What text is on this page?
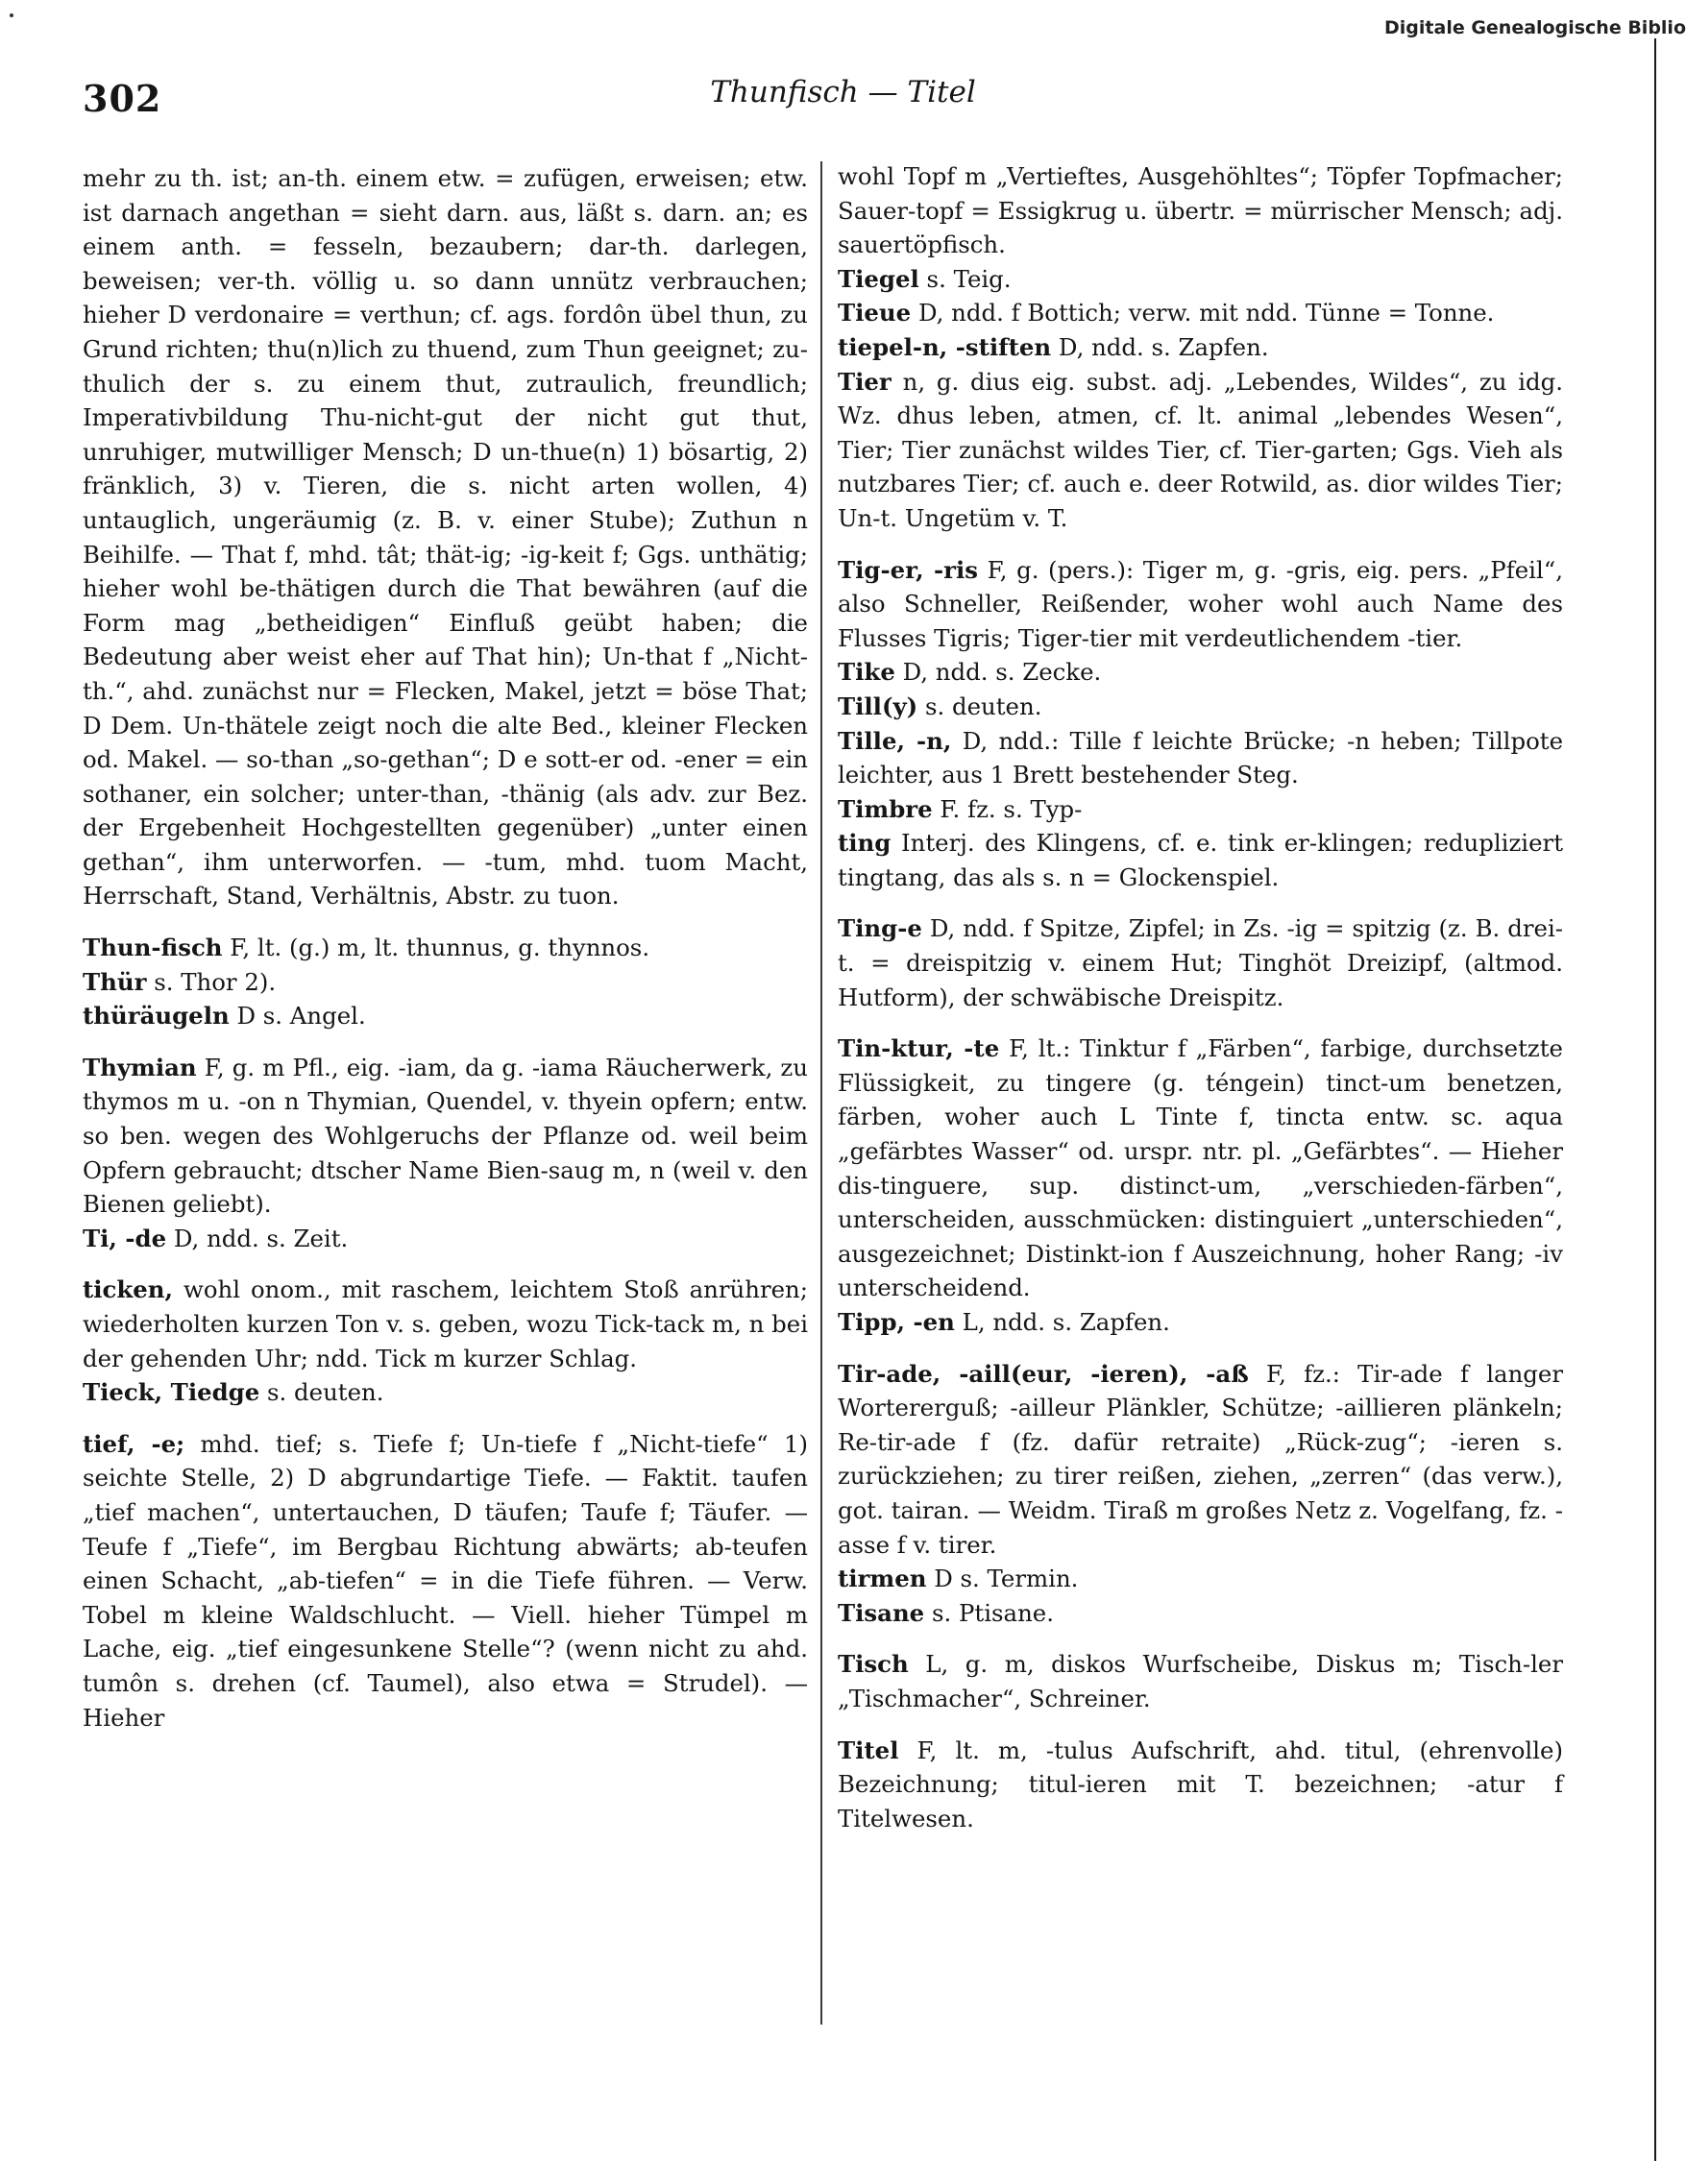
Digitale Genealogische Biblio
302	Thunfisch — Titel

mehr zu th. ist; an-th. einem etw. = zufügen, erweisen; etw. ist darnach angethan = sieht darn. aus, läßt s. darn. an; es einem anth. = fesseln, bezaubern; dar-th. darlegen, beweisen; ver-th. völlig u. so dann unnütz verbrauchen; hieher D verdonaire = verthun; cf. ags. fordôn übel thun, zu Grund richten; thu(n)lich zu thuend, zum Thun geeignet; zu-thulich der s. zu einem thut, zutraulich, freundlich; Imperativbildung Thu-nicht-gut der nicht gut thut, unruhiger, mutwilliger Mensch; D un-thue(n) 1) bösartig, 2) fränklich, 3) v. Tieren, die s. nicht arten wollen, 4) untauglich, ungeräumig (z. B. v. einer Stube); Zuthun n Beihilfe. — That f, mhd. tât; thät-ig; -ig-keit f; Ggs. unthätig; hieher wohl be-thätigen durch die That bewähren (auf die Form mag „betheidigen“ Einfluß geübt haben; die Bedeutung aber weist eher auf That hin); Un-that f „Nicht-th.“, ahd. zunächst nur = Flecken, Makel, jetzt = böse That; D Dem. Un-thätele zeigt noch die alte Bed., kleiner Flecken od. Makel. — so-than „so-gethan“; D e sott-er od. -ener = ein sothaner, ein solcher; unter-than, -thänig (als adv. zur Bez. der Ergebenheit Hochgestellten gegenüber) „unter einen gethan“, ihm unterworfen. — -tum, mhd. tuom Macht, Herrschaft, Stand, Verhältnis, Abstr. zu tuon.

Thun-fisch F, lt. (g.) m, lt. thunnus, g. thynnos.

Thür s. Thor 2).

thüräugeln D s. Angel.

Thymian F, g. m Pfl., eig. -iam, da g. -iama Räucherwerk, zu thymos m u. -on n Thymian, Quendel, v. thyein opfern; entw. so ben. wegen des Wohlgeruchs der Pflanze od. weil beim Opfern gebraucht; dtscher Name Bien-saug m, n (weil v. den Bienen geliebt).

Ti, -de D, ndd. s. Zeit.

ticken, wohl onom., mit raschem, leichtem Stoß anrühren; wiederholten kurzen Ton v. s. geben, wozu Tick-tack m, n bei der gehenden Uhr; ndd. Tick m kurzer Schlag.

Tieck, Tiedge s. deuten.

tief, -e; mhd. tief; s. Tiefe f; Un-tiefe f „Nicht-tiefe“ 1) seichte Stelle, 2) D abgrundartige Tiefe. — Faktit. taufen „tief machen“, untertauchen, D täufen; Taufe f; Täufer. — Teufe f „Tiefe“, im Bergbau Richtung abwärts; ab-teufen einen Schacht, „ab-tiefen“ = in die Tiefe führen. — Verw. Tobel m kleine Waldschlucht. — Viell. hieher Tümpel m Lache, eig. „tief eingesunkene Stelle“? (wenn nicht zu ahd. tumôn s. drehen (cf. Taumel), also etwa = Strudel). — Hieher

wohl Topf m „Vertieftes, Ausgehöhltes“; Töpfer Topfmacher; Sauer-topf = Essigkrug u. übertr. = mürrischer Mensch; adj. sauertöpfisch.

Tiegel s. Teig.

Tieue D, ndd. f Bottich; verw. mit ndd. Tünne = Tonne.

tiepel-n, -stiften D, ndd. s. Zapfen.

Tier n, g. dius eig. subst. adj. „Lebendes, Wildes“, zu idg. Wz. dhus leben, atmen, cf. lt. animal „lebendes Wesen“, Tier; Tier zunächst wildes Tier, cf. Tier-garten; Ggs. Vieh als nutzbares Tier; cf. auch e. deer Rotwild, as. dior wildes Tier; Un-t. Ungetüm v. T.

Tig-er, -ris F, g. (pers.): Tiger m, g. -gris, eig. pers. „Pfeil“, also Schneller, Reißender, woher wohl auch Name des Flusses Tigris; Tiger-tier mit verdeutlichendem -tier.

Tike D, ndd. s. Zecke.

Till(y) s. deuten.

Tille, -n, D, ndd.: Tille f leichte Brücke; -n heben; Tillpote leichter, aus 1 Brett bestehender Steg.

Timbre F. fz. s. Typ-

ting Interj. des Klingens, cf. e. tink er-klingen; redupliziert tingtang, das als s. n = Glockenspiel.

Ting-e D, ndd. f Spitze, Zipfel; in Zs. -ig = spitzig (z. B. drei-t. = dreispitzig v. einem Hut; Tinghöt Dreizipf, (altmod. Hutform), der schwäbische Dreispitz.

Tin-ktur, -te F, lt.: Tinktur f „Färben“, farbige, durchsetzte Flüssigkeit, zu tingere (g. téngein) tinct-um benetzen, färben, woher auch L Tinte f, tincta entw. sc. aqua „gefärbtes Wasser“ od. urspr. ntr. pl. „Gefärbtes“. — Hieher dis-tinguere, sup. distinct-um, „verschieden-färben“, unterscheiden, ausschmücken: distinguiert „unterschieden“, ausgezeichnet; Distinkt-ion f Auszeichnung, hoher Rang; -iv unterscheidend.

Tipp, -en L, ndd. s. Zapfen.

Tir-ade, -aill(eur, -ieren), -aß F, fz.: Tir-ade f langer Wortererguß; -ailleur Plänkler, Schütze; -aillieren plänkeln; Re-tir-ade f (fz. dafür retraite) „Rück-zug“; -ieren s. zurückziehen; zu tirer reißen, ziehen, „zerren“ (das verw.), got. tairan. — Weidm. Tiraß m großes Netz z. Vogelfang, fz. -asse f v. tirer.

tirmen D s. Termin.

Tisane s. Ptisane.

Tisch L, g. m, diskos Wurfscheibe, Diskus m; Tisch-ler „Tischmacher“, Schreiner.

Titel F, lt. m, -tulus Aufschrift, ahd. titul, (ehrenvolle) Bezeichnung; titul-ieren mit T. bezeichnen; -atur f Titelwesen.
